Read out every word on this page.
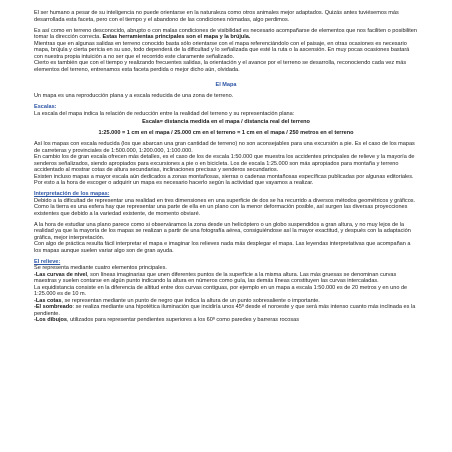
El ser humano a pesar de su inteligencia no puede orientarse en la naturaleza como otros animales mejor adaptados. Quizás antes tuviésemos más desarrollada esta faceta, pero con el tiempo y el abandono de las condiciones nómadas, algo perdimos.

Es así como en terreno desconocido, abrupto o con malas condiciones de visibilidad es necesario acompañarse de elementos que nos faciliten o posibiliten tomar la dirección correcta. Estas herramientas principales son el mapa y la brújula.

Mientras que en algunas salidas en terreno conocido basta sólo orientarse con el mapa referenciándolo con el paisaje, en otras ocasiones es necesario mapa, brújula y cierta pericia en su uso, todo dependerá de la dificultad y lo señalizada que esté la ruta o la ascensión. En muy pocas ocasiones bastará con nuestra propia intuición a no ser que el recorrido este claramente señalizado.

Cierto es también que con el tiempo y realizando frecuentes salidas, la orientación y el avance por el terreno se desarrolla, reconociendo cada vez más elementos del terreno, entrenamos esta faceta perdida o mejor dicho aún, olvidada.

El Mapa

Un mapa es una reproducción plana y a escala reducida de una zona de terreno.

Escalas:

La escala del mapa indica la relación de reducción entre la realidad del terreno y su representación plana:

Escala= distancia medida en el mapa / distancia real del terreno

1:25.000 = 1 cm en el mapa / 25.000 cm en el terreno = 1 cm en el mapa / 250 metros en el terreno

Así los mapas con escala reducida (los que abarcan una gran cantidad de terreno) no son aconsejables para una excursión a pie. Es el caso de los mapas de carreteras y provinciales de 1:500.000, 1:200.000, 1:100.000.

En cambio los de gran escala ofrecen más detalles, es el caso de los de escala 1:50.000 que muestra los accidentes principales de relieve y la mayoría de senderos señalizados, siendo apropiados para excursiones a pie o en bicicleta. Los de escala 1:25.000 son más apropiados para montaña y terreno accidentado al mostrar cotas de altura secundarias, inclinaciones precisas y senderos secundarios.

Existen incluso mapas a mayor escala aún dedicados a zonas montañosas, sierras o cadenas montañosas específicas publicadas por algunas editoriales.

Por esto a la hora de escoger o adquirir un mapa es necesario hacerlo según la actividad que vayamos a realizar.

Interpretación de los mapas:

Debido a la dificultad de representar una realidad en tres dimensiones en una superficie de dos se ha recurrido a diversos métodos geométricos y gráficos.

Como la tierra es una esfera hay que representar una parte de ella en un plano con la menor deformación posible, así surgen las diversas proyecciones existentes que debido a la variedad existente, de momento obviaré.

A la hora de estudiar una plano parece como si observáramos la zona desde un helicóptero o un globo suspendidos a gran altura, y no muy lejos de la realidad ya que la mayoría de los mapas se realizan a partir de una fotografía aérea, consiguiéndose así la mayor exactitud, y después con la adaptación gráfica, mejor interpretación.

Con algo de práctica resulta fácil interpretar el mapa e imaginar los relieves nada más desplegar el mapa. Las leyendas interpretativas que acompañan a los mapas aunque suelen variar algo son de gran ayuda.

El relieve:

Se representa mediante cuatro elementos principales.

-Las curvas de nivel, son líneas imaginarias que unen diferentes puntos de la superficie a la misma altura. Las más gruesas se denominan curvas maestras y suelen contarse en algún punto indicando la altura en números como guía, las demás líneas constituyen las curvas intercaladas.

La equidistancia consiste en la diferencia de altitud entre dos curvas contiguas, por ejemplo en un mapa a escala 1:50.000 es de 20 metros y en uno de 1:25.000 es de 10 m.

-Las cotas, se representan mediante un punto de negro que indica la altura de un punto sobresaliente o importante.

-El sombreado: se realiza mediante una hipotética iluminación que incidiría unos 45º desde el noroeste y que será más intenso cuanto más inclinada es la pendiente.

-Los dibujos, utilizados para representar pendientes superiores a los 60º como paredes y barreras rocosas
